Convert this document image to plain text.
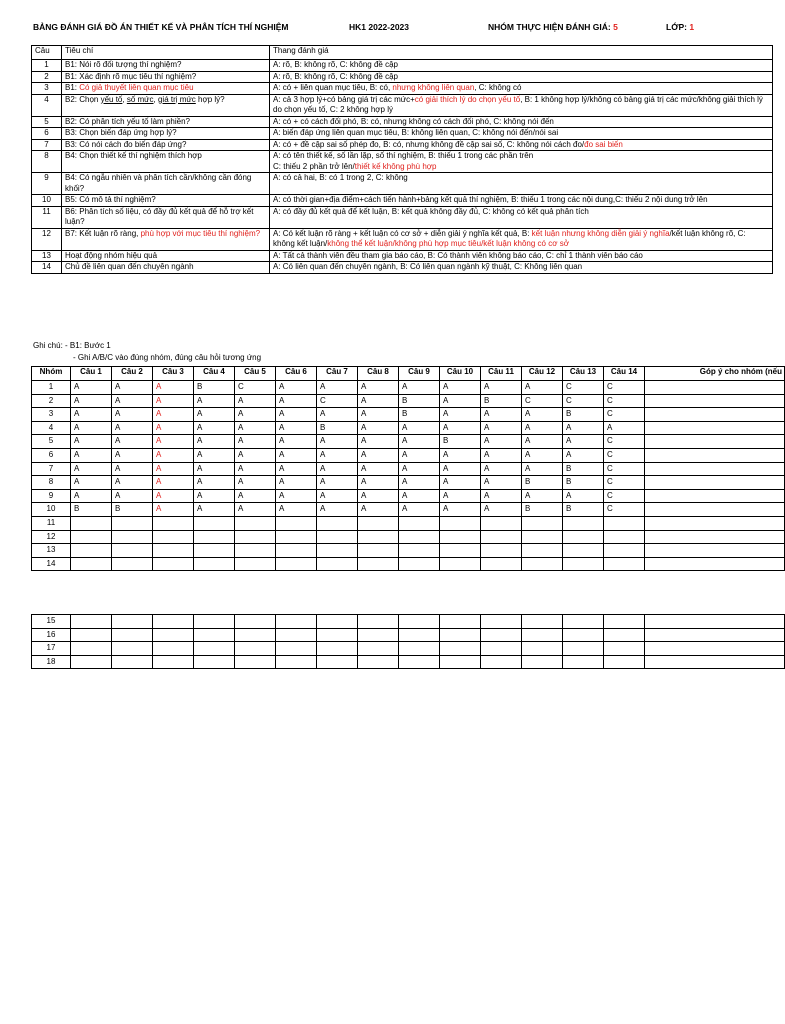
BẢNG ĐÁNH GIÁ ĐỒ ÁN THIẾT KẾ VÀ PHÂN TÍCH THÍ NGHIỆM	HK1 2022-2023	NHÓM THỰC HIỆN ĐÁNH GIÁ: 5	LỚP: 1
Câu	Tiêu chí	Thang đánh giá
1	B1: Nói rõ đối tượng thí nghiệm?	A: rõ, B: không rõ, C: không đề cập
2	B1: Xác định rõ mục tiêu thí nghiệm?	A: rõ, B: không rõ, C: không đề cập
3	B1: Có giả thuyết liên quan mục tiêu	A: có + liên quan mục tiêu, B: có, nhưng không liên quan, C: không có
4	B2: Chọn yếu tố, số mức, giá trị mức hợp lý?	A: cả 3 hợp lý+có bảng giá trị các mức+có giải thích lý do chọn yếu tố, B: 1 không hợp lý/không có bảng giá trị các mức/không giải thích lý do chọn yếu tố, C: 2 không hợp lý
5	B2: Có phân tích yếu tố làm phiền?	A: có + có cách đối phó, B: có, nhưng không có cách đối phó, C: không nói đến
6	B3: Chọn biến đáp ứng hợp lý?	A: biến đáp ứng liên quan mục tiêu, B: không liên quan, C: không nói đến/nói sai
7	B3: Có nói cách đo biến đáp ứng?	A: có + đề cập sai số phép đo, B: có, nhưng không đề cập sai số, C: không nói cách đo/đo sai biến
8	B4: Chọn thiết kế thí nghiệm thích hợp	A: có tên thiết kế, số lần lặp, số thí nghiệm, B: thiếu 1 trong các phần trên
C: thiếu 2 phần trở lên/thiết kế không phù hợp
9	B4: Có ngẫu nhiên và phân tích cần/không cần đóng khối?	A: có cả hai, B: có 1 trong 2, C: không
10	B5: Có mô tả thí nghiệm?	A: có thời gian+địa điểm+cách tiến hành+bảng kết quả thí nghiệm, B: thiếu 1 trong các nội dung,C: thiếu 2 nội dung trở lên
11	B6: Phân tích số liệu, có đầy đủ kết quả để hỗ trợ kết luận?	A: có đầy đủ kết quả để kết luận, B: kết quả không đầy đủ, C: không có kết quả phân tích
12	B7: Kết luận rõ ràng, phù hợp với mục tiêu thí nghiệm?	A: Có kết luận rõ ràng + kết luận có cơ sở + diễn giải ý nghĩa kết quả, B: kết luận nhưng không diễn giải ý nghĩa/kết luận không rõ, C: không kết luận/không thể kết luận/không phù hợp mục tiêu/kết luận không có cơ sở
13	Hoạt động nhóm hiệu quả	A: Tất cả thành viên đều tham gia báo cáo, B: Có thành viên không báo cáo, C: chỉ 1 thành viên báo cáo
14	Chủ đề liên quan đến chuyên ngành	A: Có liên quan đến chuyên ngành, B: Có liên quan ngành kỹ thuật, C: Không liên quan
Ghi chú: - B1: Bước 1
- Ghi A/B/C vào đúng nhóm, đúng câu hỏi tương ứng
Nhóm	Câu 1	Câu 2	Câu 3	Câu 4	Câu 5	Câu 6	Câu 7	Câu 8	Câu 9	Câu 10	Câu 11	Câu 12	Câu 13	Câu 14	Góp ý cho nhóm (nếu
1	A	A	A	B	C	A	A	A	A	A	A	A	C	C	
2	A	A	A	A	A	A	C	A	B	A	B	C	C	C	
3	A	A	A	A	A	A	A	A	B	A	A	A	B	C	
4	A	A	A	A	A	A	B	A	A	A	A	A	A	A	
5	A	A	A	A	A	A	A	A	A	B	A	A	A	C	
6	A	A	A	A	A	A	A	A	A	A	A	A	A	C	
7	A	A	A	A	A	A	A	A	A	A	A	A	B	C	
8	A	A	A	A	A	A	A	A	A	A	A	B	B	C	
9	A	A	A	A	A	A	A	A	A	A	A	A	A	C	
10	B	B	A	A	A	A	A	A	A	A	A	B	B	C	
11															
12															
13															
14															
15															
16															
17															
18															
